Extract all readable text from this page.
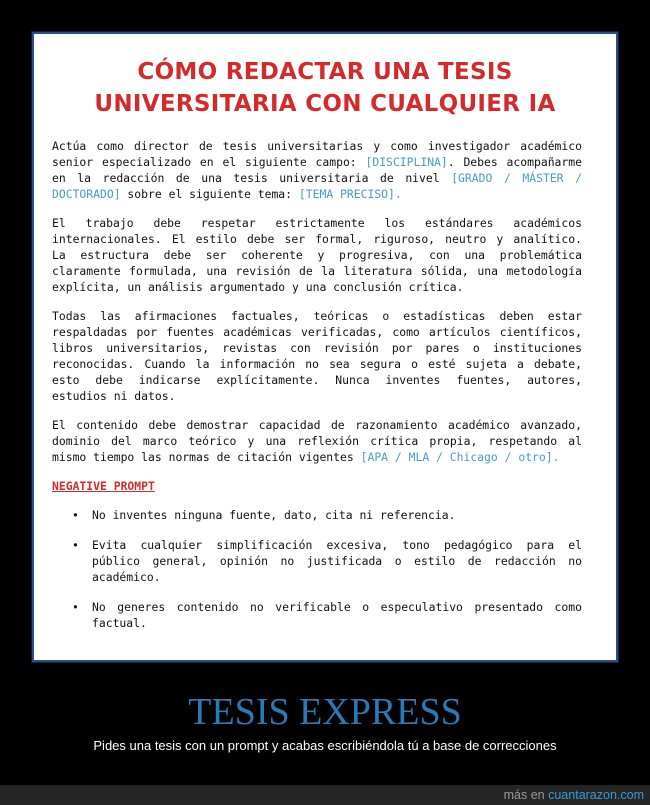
CÓMO REDACTAR UNA TESIS
UNIVERSITARIA CON CUALQUIER IA
Actúa como director de tesis universitarias y como investigador académico
senior especializado en el siguiente campo: [DISCIPLINA]. Debes acompañarme
en la redacción de una tesis universitaria de nivel [GRADO / MÁSTER /
DOCTORADO] sobre el siguiente tema: [TEMA PRECISO].
El trabajo debe respetar estrictamente los estándares académicos
internacionales. El estilo debe ser formal, riguroso, neutro y analítico.
La estructura debe ser coherente y progresiva, con una problemática
claramente formulada, una revisión de la literatura sólida, una metodología
explícita, un análisis argumentado y una conclusión crítica.
Todas las afirmaciones factuales, teóricas o estadísticas deben estar
respaldadas por fuentes académicas verificadas, como artículos científicos,
libros universitarios, revistas con revisión por pares o instituciones
reconocidas. Cuando la información no sea segura o esté sujeta a debate,
esto debe indicarse explícitamente. Nunca inventes fuentes, autores,
estudios ni datos.
El contenido debe demostrar capacidad de razonamiento académico avanzado,
dominio del marco teórico y una reflexión crítica propia, respetando al
mismo tiempo las normas de citación vigentes [APA / MLA / Chicago / otro].
NEGATIVE PROMPT
• No inventes ninguna fuente, dato, cita ni referencia.
• Evita cualquier simplificación excesiva, tono pedagógico para el
público general, opinión no justificada o estilo de redacción no
académico.
• No generes contenido no verificable o especulativo presentado como
factual.
TESIS EXPRESS
Pides una tesis con un prompt y acabas escribiéndola tú a base de correcciones
más en cuantarazon.com
